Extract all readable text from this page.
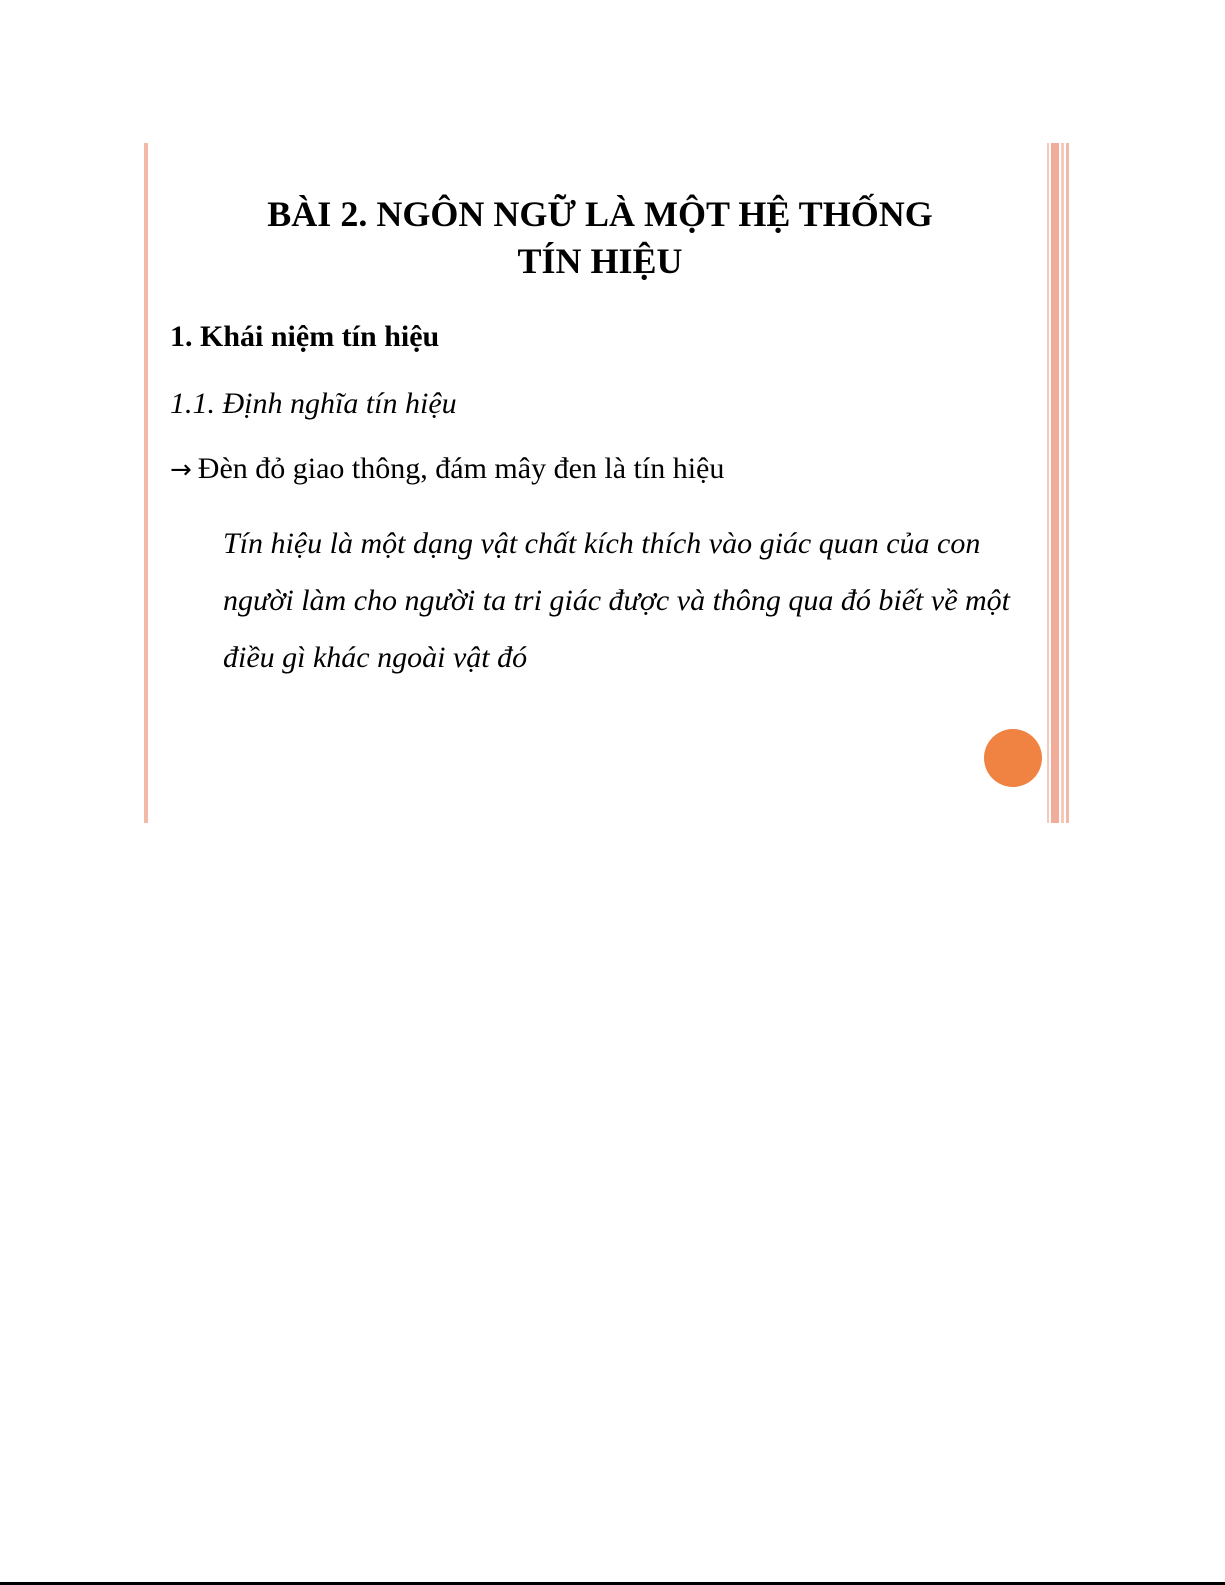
BÀI 2. NGÔN NGỮ LÀ MỘT HỆ THỐNG
TÍN HIỆU

1. Khái niệm tín hiệu

1.1. Định nghĩa tín hiệu

→ Đèn đỏ giao thông, đám mây đen là tín hiệu

Tín hiệu là một dạng vật chất kích thích vào giác quan của con người làm cho người ta tri giác được và thông qua đó biết về một điều gì khác ngoài vật đó
